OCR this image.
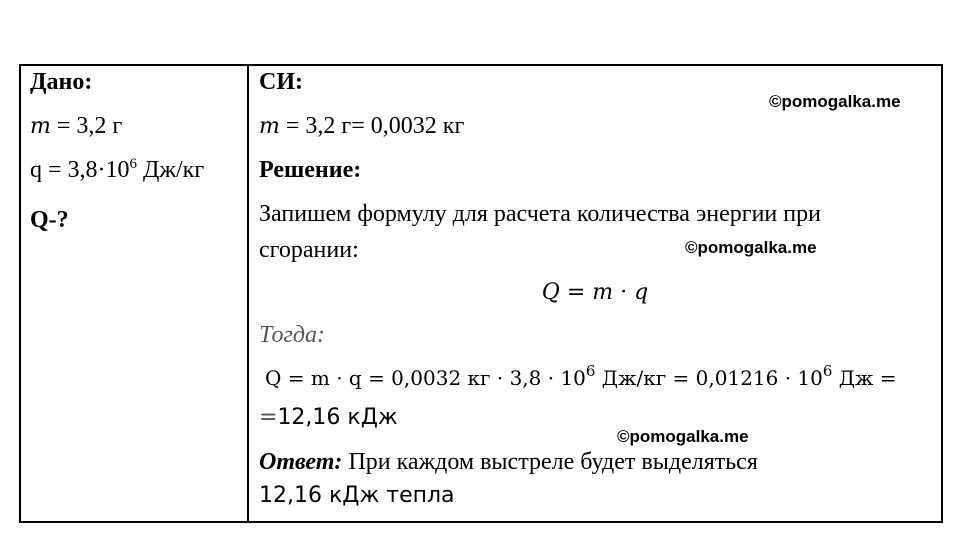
Дано:
m = 3,2 г
$q = 3,8\cdot 10^6$ Дж/кг
Q-?
СИ:
©pomogalka.me
m = 3,2 г= 0,0032 кг
Решение:
Запишем формулу для расчета количества энергии при
сгорании:	©pomogalka.me
Q = m · q
Тогда:
Q = m · q = 0,0032 кг · $3,8 \cdot 10^6$ $Дж/кг = 0,01216 \cdot 10^6$ Дж =
=12,16 кДж
©pomogalka.me
Ответ: При каждом выстреле будет выделяться
12,16 кДж тепла
